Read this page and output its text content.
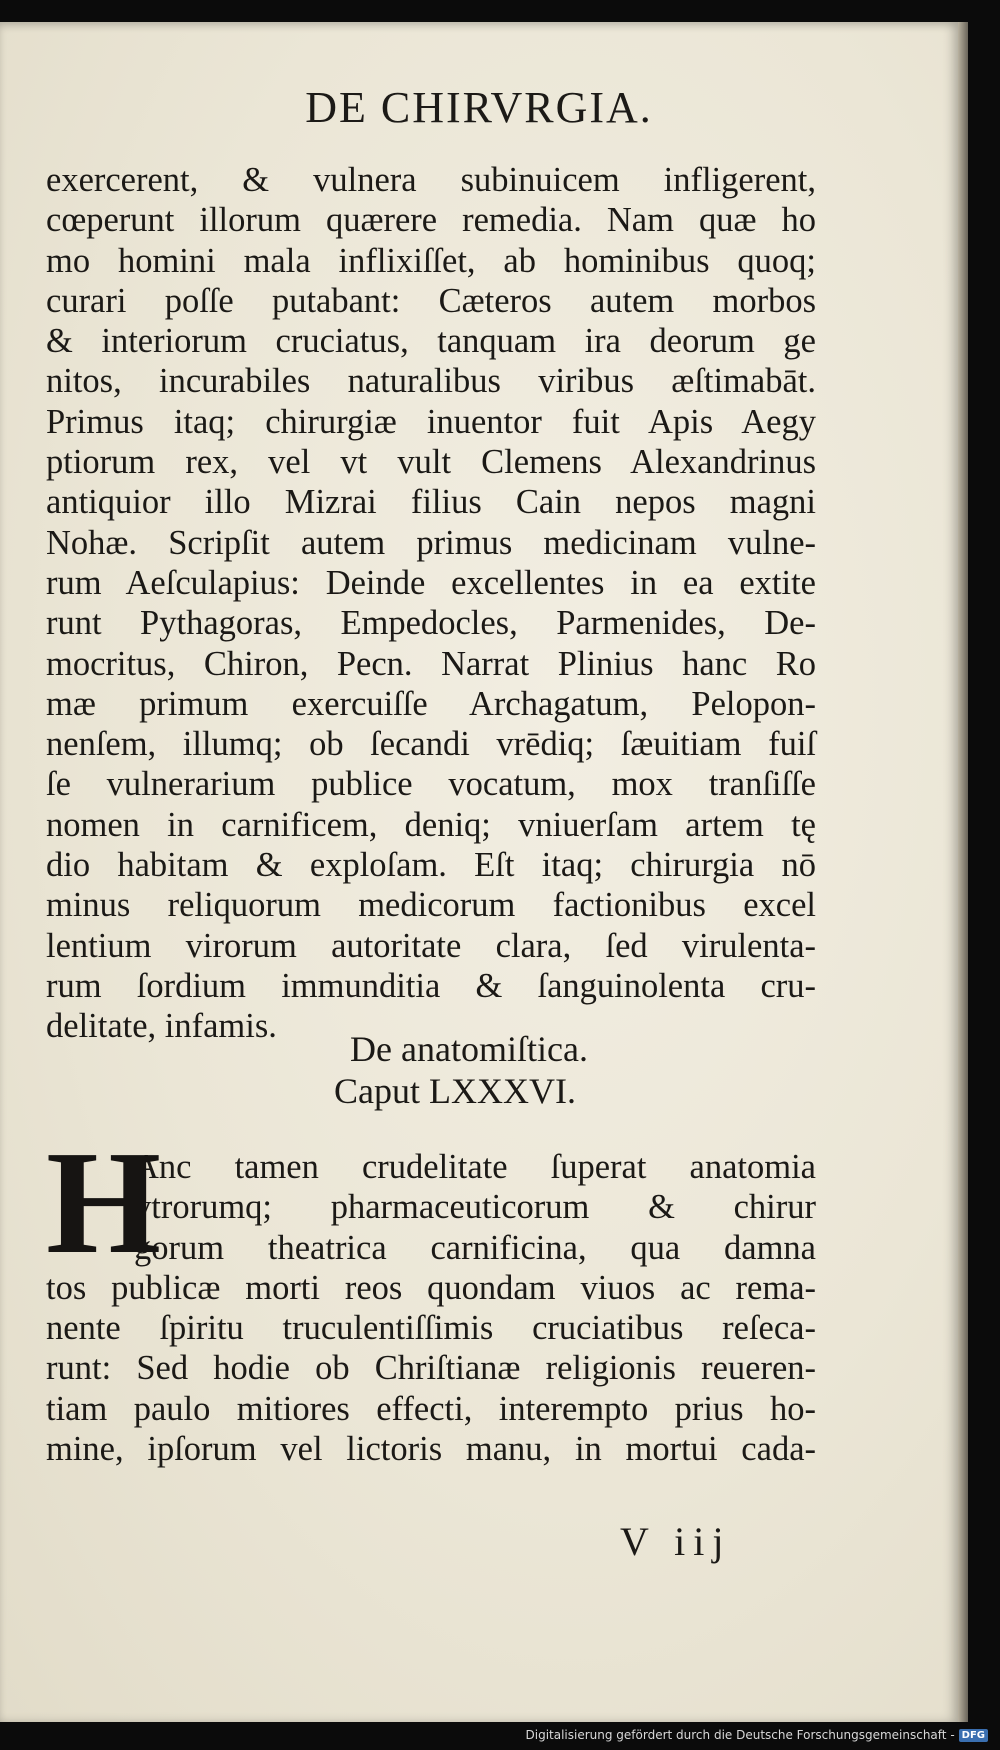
DE CHIRVRGIA.
exercerent, & vulnera subinuicem infligerent,
cœperunt illorum quærere remedia. Nam quæ ho
mo homini mala inflixiſſet, ab hominibus quoq;
curari poſſe putabant: Cæteros autem morbos
& interiorum cruciatus, tanquam ira deorum ge
nitos, incurabiles naturalibus viribus æſtimabāt.
Primus itaq; chirurgiæ inuentor fuit Apis Aegy
ptiorum rex, vel vt vult Clemens Alexandrinus
antiquior illo Mizrai filius Cain nepos magni
Nohæ. Scripſit autem primus medicinam vulne-
rum Aeſculapius: Deinde excellentes in ea extite
runt Pythagoras, Empedocles, Parmenides, De-
mocritus, Chiron, Pecn. Narrat Plinius hanc Ro
mæ primum exercuiſſe Archagatum, Pelopon-
nenſem, illumq; ob ſecandi vrēdiq; ſæuitiam fuiſ
ſe vulnerarium publice vocatum, mox tranſiſſe
nomen in carnificem, deniq; vniuerſam artem tę
dio habitam & exploſam. Eſt itaq; chirurgia nō
minus reliquorum medicorum factionibus excel
lentium virorum autoritate clara, ſed virulenta-
rum ſordium immunditia & ſanguinolenta cru-
delitate, infamis.
De anatomiſtica.
Caput LXXXVI.
H
Anc tamen crudelitate ſuperat anatomia
vtrorumq; pharmaceuticorum & chirur
gorum theatrica carnificina, qua damna
tos publicæ morti reos quondam viuos ac rema-
nente ſpiritu truculentiſſimis cruciatibus reſeca-
runt: Sed hodie ob Chriſtianæ religionis reueren-
tiam paulo mitiores effecti, interempto prius ho-
mine, ipſorum vel lictoris manu, in mortui cada-
V iij
Digitalisierung gefördert durch die Deutsche Forschungsgemeinschaft - DFG
